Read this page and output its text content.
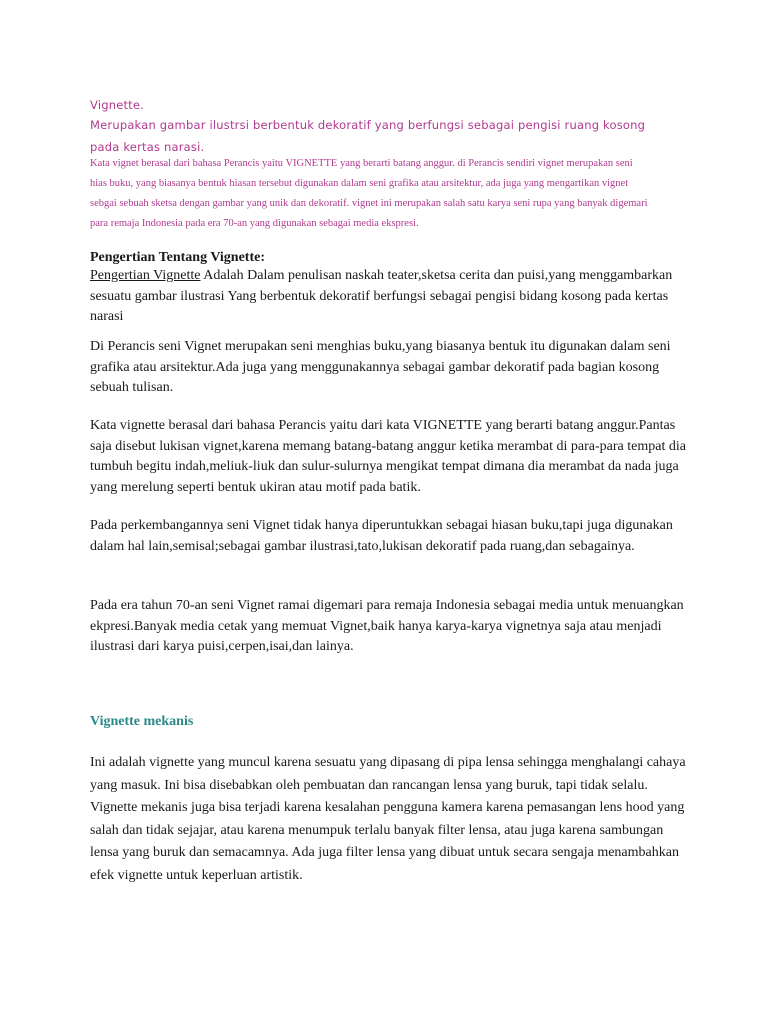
Vignette.
Merupakan gambar ilustrsi berbentuk dekoratif yang berfungsi sebagai pengisi ruang kosong pada kertas narasi.
Kata vignet berasal dari bahasa Perancis yaitu VIGNETTE yang berarti batang anggur. di Perancis sendiri vignet merupakan seni hias buku, yang biasanya bentuk hiasan tersebut digunakan dalam seni grafika atau arsitektur, ada juga yang mengartikan vignet sebgai sebuah sketsa dengan gambar yang unik dan dekoratif. vignet ini merupakan salah satu karya seni rupa yang banyak digemari para remaja Indonesia pada era 70-an yang digunakan sebagai media ekspresi.
Pengertian Tentang Vignette:
Pengertian Vignette Adalah Dalam penulisan naskah teater,sketsa cerita dan puisi,yang menggambarkan sesuatu gambar ilustrasi Yang berbentuk dekoratif berfungsi sebagai pengisi bidang kosong pada kertas narasi
Di Perancis seni Vignet merupakan seni menghias buku,yang biasanya bentuk itu digunakan dalam seni grafika atau arsitektur.Ada juga yang menggunakannya sebagai gambar dekoratif pada bagian kosong sebuah tulisan.
Kata vignette berasal dari bahasa Perancis yaitu dari kata VIGNETTE yang berarti batang anggur.Pantas saja disebut lukisan vignet,karena memang batang-batang anggur ketika merambat di para-para tempat dia tumbuh begitu indah,meliuk-liuk dan sulur-sulurnya mengikat tempat dimana dia merambat da nada juga yang merelung seperti bentuk ukiran atau motif pada batik.
Pada perkembangannya seni Vignet tidak hanya diperuntukkan sebagai hiasan buku,tapi juga digunakan dalam hal lain,semisal;sebagai gambar ilustrasi,tato,lukisan dekoratif pada ruang,dan sebagainya.
Pada era tahun 70-an seni Vignet ramai digemari para remaja Indonesia sebagai media untuk menuangkan ekpresi.Banyak media cetak yang memuat Vignet,baik hanya karya-karya vignetnya saja atau menjadi ilustrasi dari karya puisi,cerpen,isai,dan lainya.
Vignette mekanis
Ini adalah vignette yang muncul karena sesuatu yang dipasang di pipa lensa sehingga menghalangi cahaya yang masuk. Ini bisa disebabkan oleh pembuatan dan rancangan lensa yang buruk, tapi tidak selalu. Vignette mekanis juga bisa terjadi karena kesalahan pengguna kamera karena pemasangan lens hood yang salah dan tidak sejajar, atau karena menumpuk terlalu banyak filter lensa, atau juga karena sambungan lensa yang buruk dan semacamnya. Ada juga filter lensa yang dibuat untuk secara sengaja menambahkan efek vignette untuk keperluan artistik.
